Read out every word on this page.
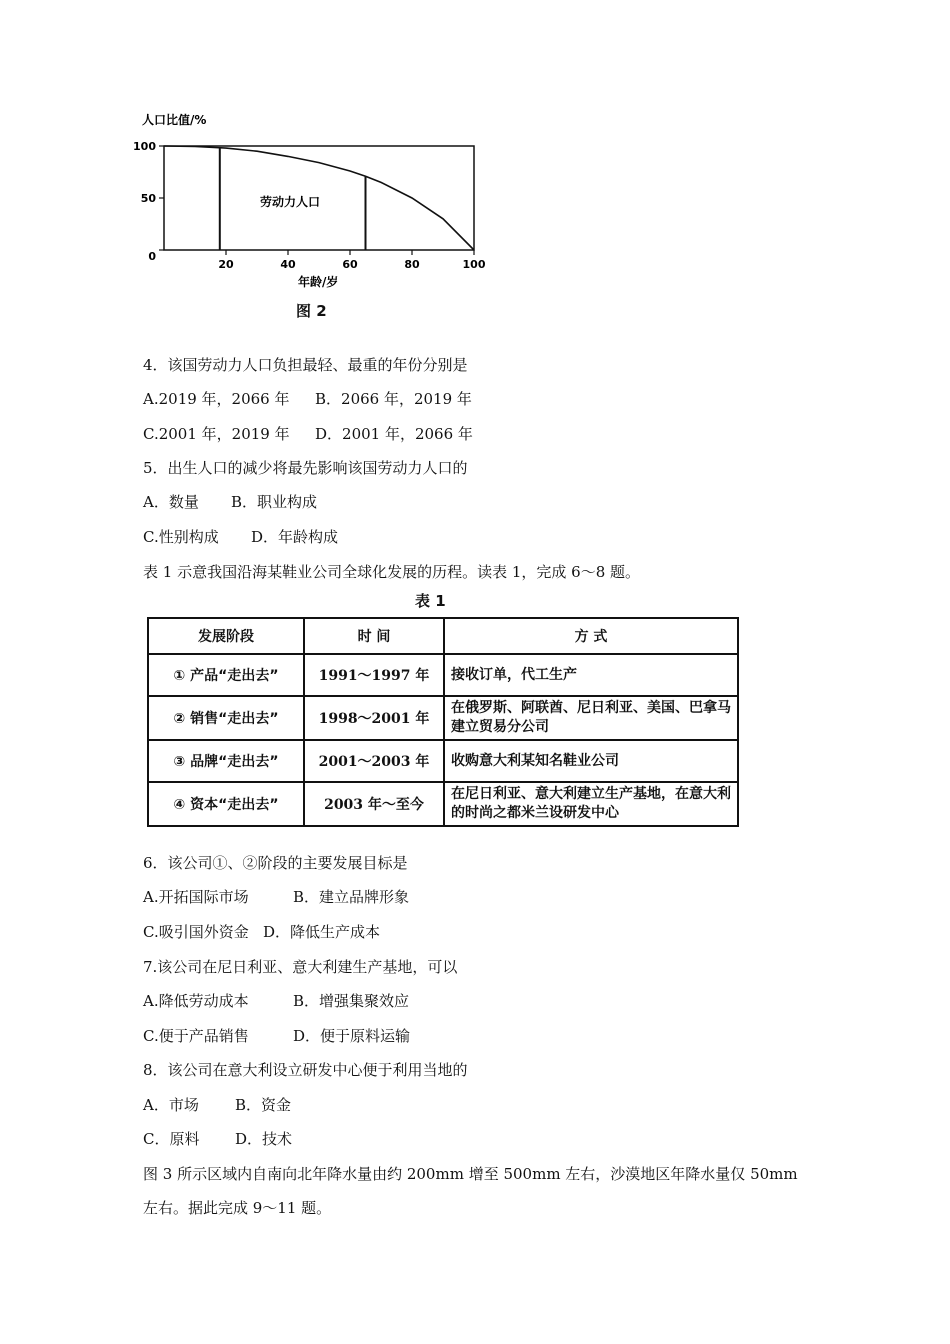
人口比值/%
100
50
0
20	40	60	80	100
劳动力人口
年龄/岁
图 2
4．该国劳动力人口负担最轻、最重的年份分别是
A.2019 年，2066 年 B．2066 年，2019 年
C.2001 年，2019 年 D．2001 年，2066 年
5．出生人口的减少将最先影响该国劳动力人口的
A．数量 B．职业构成
C.性别构成 D．年龄构成
表 1 示意我国沿海某鞋业公司全球化发展的历程。读表 1，完成 6～8 题。
表 1
发展阶段	时 间	方 式
① 产品“走出去”	1991～1997 年	接收订单，代工生产
② 销售“走出去”	1998～2001 年	在俄罗斯、阿联酋、尼日利亚、美国、巴拿马建立贸易分公司
③ 品牌“走出去”	2001～2003 年	收购意大利某知名鞋业公司
④ 资本“走出去”	2003 年～至今	在尼日利亚、意大利建立生产基地，在意大利的时尚之都米兰设研发中心
6．该公司①、②阶段的主要发展目标是
A.开拓国际市场	B．建立品牌形象
C.吸引国外资金 D．降低生产成本
7.该公司在尼日利亚、意大利建生产基地，可以
A.降低劳动成本	B．增强集聚效应
C.便于产品销售	D．便于原料运输
8．该公司在意大利设立研发中心便于利用当地的
A．市场 B．资金
C．原料 D．技术
图 3 所示区域内自南向北年降水量由约 200mm 增至 500mm 左右，沙漠地区年降水量仅 50mm
左右。据此完成 9～11 题。
